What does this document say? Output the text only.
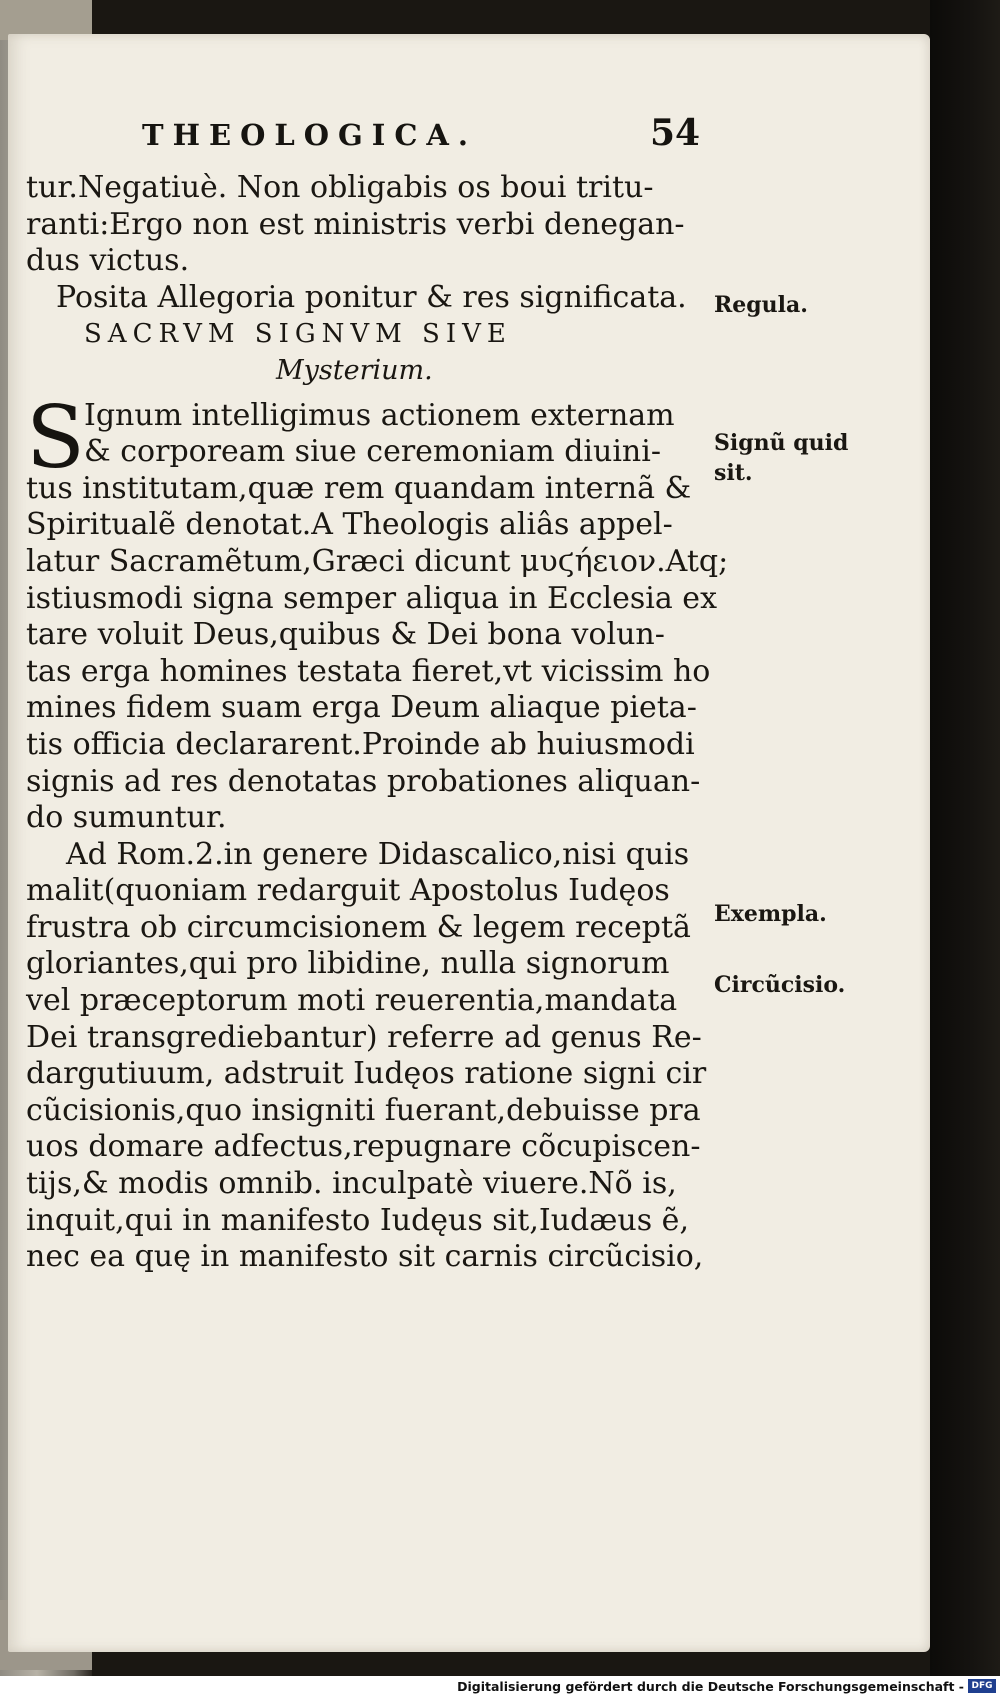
THEOLOGICA.	54
tur.Negatiuè. Non obligabis os boui tritu-
ranti:Ergo non est ministris verbi denegan-
dus victus.
Posita Allegoria ponitur & res significata.
SACRVM SIGNVM SIVE
Mysterium.
S Ignum intelligimus actionem externam
& corpoream siue ceremoniam diuini-
tus institutam,quæ rem quandam internã &
Spiritualẽ denotat.A Theologis aliâs appel-
latur Sacramẽtum,Græci dicunt μυϛήειον.Atq;
istiusmodi signa semper aliqua in Ecclesia ex
tare voluit Deus,quibus & Dei bona volun-
tas erga homines testata fieret,vt vicissim ho
mines fidem suam erga Deum aliaque pieta-
tis officia declararent.Proinde ab huiusmodi
signis ad res denotatas probationes aliquan-
do sumuntur.
Ad Rom.2.in genere Didascalico,nisi quis
malit(quoniam redarguit Apostolus Iudęos
frustra ob circumcisionem & legem receptã
gloriantes,qui pro libidine, nulla signorum
vel præceptorum moti reuerentia,mandata
Dei transgrediebantur) referre ad genus Re-
dargutiuum, adstruit Iudęos ratione signi cir
cũcisionis,quo insigniti fuerant,debuisse pra
uos domare adfectus,repugnare cõcupiscen-
tijs,& modis omnib. inculpatè viuere.Nõ is,
inquit,qui in manifesto Iudęus sit,Iudæus ẽ,
nec ea quę in manifesto sit carnis circũcisio,
Regula.
Signũ quid
sit.
Exempla.
Circũcisio.
Digitalisierung gefördert durch die Deutsche Forschungsgemeinschaft - DFG
